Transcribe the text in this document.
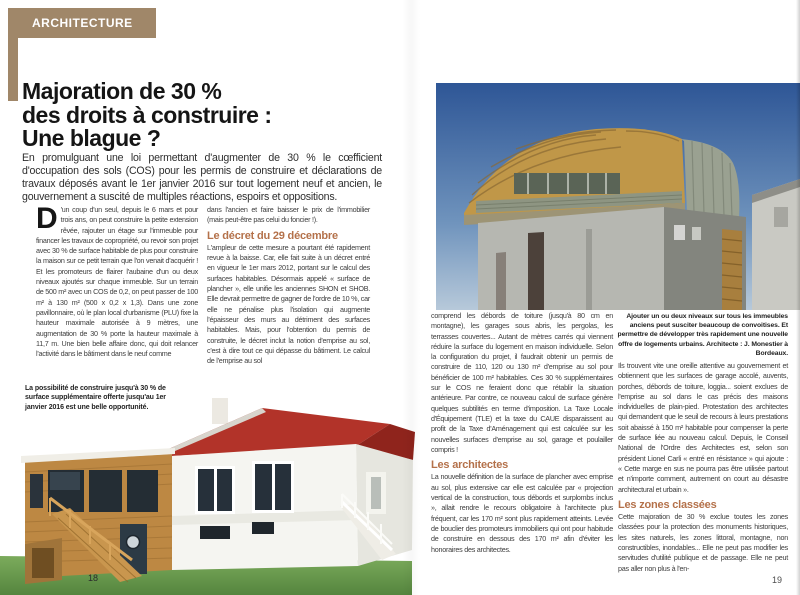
ARCHITECTURE
Majoration de 30 %
des droits à construire :
Une blague ?
En promulguant une loi permettant d'augmenter de 30 % le cœfficient d'occupation des sols (COS) pour les permis de construire et déclarations de travaux déposés avant le 1er janvier 2016 sur tout logement neuf et ancien, le gouvernement a suscité de multiples réactions, espoirs et oppositions.
D 'un coup d'un seul, depuis le 6 mars et pour trois ans, on peut construire la petite extension rêvée, rajouter un étage sur l'immeuble pour financer les travaux de copropriété, ou revoir son projet avec 30 % de surface habitable de plus pour construire la maison sur ce petit terrain que l'on venait d'acquérir ! Et les promoteurs de flairer l'aubaine d'un ou deux niveaux ajoutés sur chaque immeuble. Sur un terrain de 500 m² avec un COS de 0,2, on peut passer de 100 m² à 130 m² (500 x 0,2 x 1,3). Dans une zone pavillonnaire, où le plan local d'urbanisme (PLU) fixe la hauteur maximale autorisée à 9 mètres, une augmentation de 30 % porte la hauteur maximale à 11,7 m. Une bien belle affaire donc, qui doit relancer l'activité dans le bâtiment dans le neuf comme
dans l'ancien et faire baisser le prix de l'immobilier (mais peut-être pas celui du foncier !).
Le décret du 29 décembre
L'ampleur de cette mesure a pourtant été rapidement revue à la baisse. Car, elle fait suite à un décret entré en vigueur le 1er mars 2012, portant sur le calcul des surfaces habitables. Désormais appelé « surface de plancher », elle unifie les anciennes SHON et SHOB. Elle devrait permettre de gagner de l'ordre de 10 %, car elle ne pénalise plus l'isolation qui augmente l'épaisseur des murs au détriment des surfaces habitables. Mais, pour l'obtention du permis de construite, le décret inclut la notion d'emprise au sol, c'est à dire tout ce qui dépasse du bâtiment. Le calcul de l'emprise au sol
La possibilité de construire jusqu'à 30 % de surface supplémentaire offerte jusqu'au 1er janvier 2016 est une belle opportunité.
Ajouter un ou deux niveaux sur tous les immeubles anciens peut susciter beaucoup de convoitises. Et permettre de développer très rapidement une nouvelle offre de logements urbains. Architecte : J. Monestier à Bordeaux.
comprend les débords de toiture (jusqu'à 80 cm en montagne), les garages sous abris, les pergolas, les terrasses couvertes... Autant de mètres carrés qui viennent réduire la surface du logement en maison individuelle. Selon la configuration du projet, il faudrait obtenir un permis de construire de 110, 120 ou 130 m² d'emprise au sol pour bénéficier de 100 m² habitables. Ces 30 % supplémentaires sur le COS ne feraient donc que rétablir la situation antérieure. Par contre, ce nouveau calcul de surface génère quelques subtilités en terme d'imposition. La Taxe Locale d'Équipement (TLE) et la taxe du CAUE disparaissent au profit de la Taxe d'Aménagement qui est calculée sur les nouvelles surfaces d'emprise au sol, garage et poulailler compris !
Les architectes
La nouvelle définition de la surface de plancher avec emprise au sol, plus extensive car elle est calculée par « projection vertical de la construction, tous débords et surplombs inclus », allait rendre le recours obligatoire à l'architecte plus fréquent, car les 170 m² sont plus rapidement atteints. Levée de bouclier des promoteurs immobiliers qui ont pour habitude de construire en dessous des 170 m² afin d'éviter les honoraires des architectes.
Ils trouvent vite une oreille attentive au gouvernement et obtiennent que les surfaces de garage accolé, auvents, porches, débords de toiture, loggia... soient exclues de l'emprise au sol dans le cas précis des maisons individuelles de plain-pied. Protestation des architectes qui demandent que le seuil de recours à leurs prestations soit abaissé à 150 m² habitable pour compenser la perte de surface liée au nouveau calcul. Depuis, le Conseil National de l'Ordre des Architectes est, selon son président Lionel Carli « entré en résistance » qui ajoute : « Cette marge en sus ne pourra pas être utilisée partout et n'importe comment, autrement on court au désastre architectural et urbain ».
Les zones classées
Cette majoration de 30 % exclue toutes les zones classées pour la protection des monuments historiques, les sites naturels, les zones littoral, montagne, non constructibles, inondables... Elle ne peut pas modifier les servitudes d'utilité publique et de passage. Elle ne peut pas aller non plus à l'en-
18	19
